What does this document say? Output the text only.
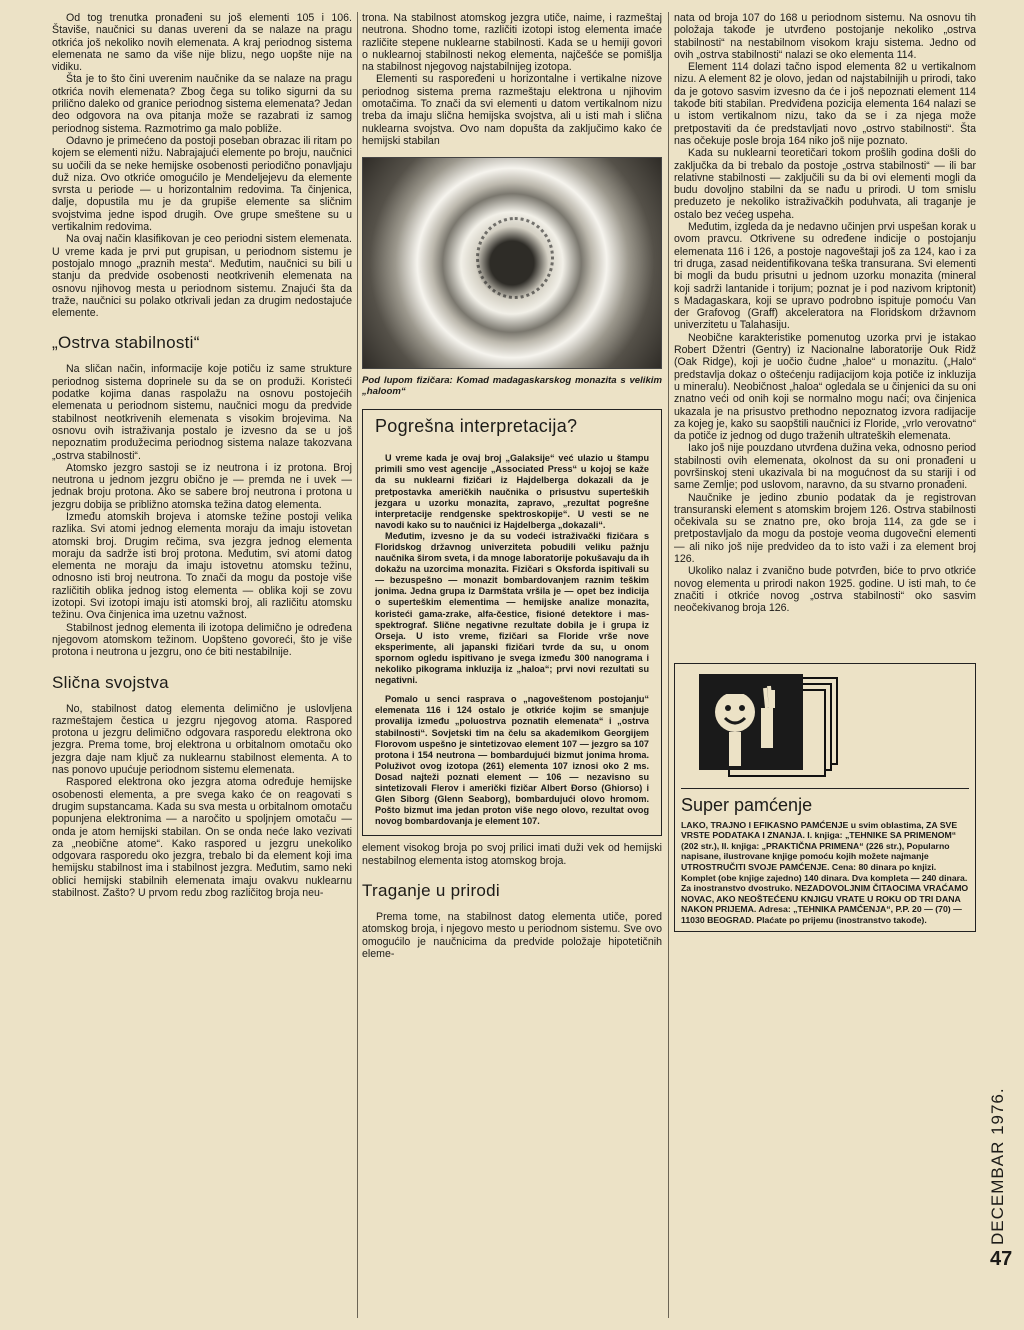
Od tog trenutka pronađeni su još elementi 105 i 106. Štaviše, naučnici su danas uvereni da se nalaze na pragu otkrića još nekoliko novih elemenata. A kraj periodnog sistema elemenata ne samo da više nije blizu, nego uopšte nije na vidiku.

Šta je to što čini uverenim naučnike da se nalaze na pragu otkrića novih elemenata? Zbog čega su toliko sigurni da su prilično daleko od granice periodnog sistema elemenata? Jedan deo odgovora na ova pitanja može se razabrati iz samog periodnog sistema. Razmotrimo ga malo pobliže.

Odavno je primećeno da postoji poseban obrazac ili ritam po kojem se elementi nižu. Nabrajajući elemente po broju, naučnici su uočili da se neke hemijske osobenosti periodično ponavljaju duž niza. Ovo otkriće omogućilo je Mendeljejevu da elemente svrsta u periode — u horizontalnim redovima. Ta činjenica, dalje, dopustila mu je da grupiše elemente sa sličnim svojstvima jedne ispod drugih. Ove grupe smeštene su u vertikalnim redovima.

Na ovaj način klasifikovan je ceo periodni sistem elemenata. U vreme kada je prvi put grupisan, u periodnom sistemu je postojalo mnogo „praznih mesta“. Međutim, naučnici su bili u stanju da predvide osobenosti neotkrivenih elemenata na osnovu njihovog mesta u periodnom sistemu. Znajući šta da traže, naučnici su polako otkrivali jedan za drugim nedostajuće elemente.

„Ostrva stabilnosti“

Na sličan način, informacije koje potiču iz same strukture periodnog sistema doprinele su da se on produži. Koristeći podatke kojima danas raspolažu na osnovu postojećih elemenata u periodnom sistemu, naučnici mogu da predvide stabilnost neotkrivenih elemenata s visokim brojevima. Na osnovu ovih istraživanja postalo je izvesno da se u još nepoznatim produžecima periodnog sistema nalaze takozvana „ostrva stabilnosti“.

Atomsko jezgro sastoji se iz neutrona i iz protona. Broj neutrona u jednom jezgru obično je — premda ne i uvek — jednak broju protona. Ako se sabere broj neutrona i protona u jezgru dobija se približno atomska težina datog elementa.

Između atomskih brojeva i atomske težine postoji velika razlika. Svi atomi jednog elementa moraju da imaju istovetan atomski broj. Drugim rečima, sva jezgra jednog elementa moraju da sadrže isti broj protona. Međutim, svi atomi datog elementa ne moraju da imaju istovetnu atomsku težinu, odnosno isti broj neutrona. To znači da mogu da postoje više različitih oblika jednog istog elementa — oblika koji se zovu izotopi. Svi izotopi imaju isti atomski broj, ali različitu atomsku težinu. Ova činjenica ima uzetnu važnost.

Stabilnost jednog elementa ili izotopa delimično je određena njegovom atomskom težinom. Uopšteno govoreći, što je više protona i neutrona u jezgru, ono će biti nestabilnije.

Slična svojstva

No, stabilnost datog elementa delimično je uslovljena razmeštajem čestica u jezgru njegovog atoma. Raspored protona u jezgru delimično odgovara rasporedu elektrona oko jezgra. Prema tome, broj elektrona u orbitalnom omotaču oko jezgra daje nam ključ za nuklearnu stabilnost elementa. A to nas ponovo upućuje periodnom sistemu elemenata.

Raspored elektrona oko jezgra atoma određuje hemijske osobenosti elementa, a pre svega kako će on reagovati s drugim supstancama. Kada su sva mesta u orbitalnom omotaču popunjena elektronima — a naročito u spoljnjem omotaču — onda je atom hemijski stabilan. On se onda neće lako vezivati za „neobične atome“. Kako raspored u jezgru unekoliko odgovara rasporedu oko jezgra, trebalo bi da element koji ima hemijsku stabilnost ima i stabilnost jezgra. Međutim, samo neki oblici hemijski stabilnih elemenata imaju ovakvu nuklearnu stabilnost. Zašto? U prvom redu zbog različitog broja neu-

trona. Na stabilnost atomskog jezgra utiče, naime, i razmeštaj neutrona. Shodno tome, različiti izotopi istog elementa imaće različite stepene nuklearne stabilnosti. Kada se u hemiji govori o nuklearnoj stabilnosti nekog elementa, najčešće se pomišlja na stabilnost njegovog najstabilnijeg izotopa.

Elementi su raspoređeni u horizontalne i vertikalne nizove periodnog sistema prema razmeštaju elektrona u njihovim omotačima. To znači da svi elementi u datom vertikalnom nizu treba da imaju slična hemijska svojstva, ali u isti mah i slična nuklearna svojstva. Ovo nam dopušta da zaključimo kako će hemijski stabilan

Pod lupom fizičara: Komad madagaskarskog monazita s velikim „haloom“

Pogrešna interpretacija?

U vreme kada je ovaj broj „Galaksije“ već ulazio u štampu primili smo vest agencije „Associated Press“ u kojoj se kaže da su nuklearni fizičari iz Hajdelberga dokazali da je pretpostavka američkih naučnika o prisustvu superteških jezgara u uzorku monazita, zapravo, „rezultat pogrešne interpretacije rendgenske spektroskopije“. U vesti se ne navodi kako su to naučnici iz Hajdelberga „dokazali“.

Međutim, izvesno je da su vodeći istraživački fizičara s Floridskog državnog univerziteta pobudili veliku pažnju naučnika širom sveta, i da mnoge laboratorije pokušavaju da ih dokažu na uzorcima monazita. Fizičari s Oksforda ispitivali su — bezuspešno — monazit bombardovanjem raznim teškim jonima. Jedna grupa iz Darmštata vršila je — opet bez indicija o superteškim elementima — hemijske analize monazita, koristeći gama-zrake, alfa-čestice, fisioné detektore i mas-spektrograf. Slične negativne rezultate dobila je i grupa iz Orseja. U isto vreme, fizičari sa Floride vrše nove eksperimente, ali japanski fizičari tvrde da su, u onom spornom ogledu ispitivano je svega između 300 nanograma i nekoliko pikograma inkluzija iz „haloa“; prvi novi rezultati su negativni.

Pomalo u senci rasprava o „nagoveštenom postojanju“ elemenata 116 i 124 ostalo je otkriće kojim se smanjuje provalija između „poluostrva poznatih elemenata“ i „ostrva stabilnosti“. Sovjetski tim na čelu sa akademikom Georgijem Florovom uspešno je sintetizovao element 107 — jezgro sa 107 protona i 154 neutrona — bombardujući bizmut jonima hroma. Poluživot ovog izotopa (261) elementa 107 iznosi oko 2 ms. Dosad najteži poznati element — 106 — nezavisno su sintetizovali Flerov i američki fizičar Albert Đorso (Ghiorso) i Glen Siborg (Glenn Seaborg), bombardujući olovo hromom. Pošto bizmut ima jedan proton više nego olovo, rezultat ovog novog bombardovanja je element 107.

element visokog broja po svoj prilici imati duži vek od hemijski nestabilnog elementa istog atomskog broja.

Traganje u prirodi

Prema tome, na stabilnost datog elementa utiče, pored atomskog broja, i njegovo mesto u periodnom sistemu. Sve ovo omogućilo je naučnicima da predvide položaje hipotetičnih eleme-

nata od broja 107 do 168 u periodnom sistemu. Na osnovu tih položaja takođe je utvrđeno postojanje nekoliko „ostrva stabilnosti“ na nestabilnom visokom kraju sistema. Jedno od ovih „ostrva stabilnosti“ nalazi se oko elementa 114.

Element 114 dolazi tačno ispod elementa 82 u vertikalnom nizu. A element 82 je olovo, jedan od najstabilnijih u prirodi, tako da je gotovo sasvim izvesno da će i još nepoznati element 114 takođe biti stabilan. Predviđena pozicija elementa 164 nalazi se u istom vertikalnom nizu, tako da se i za njega može pretpostaviti da će predstavljati novo „ostrvo stabilnosti“. Šta nas očekuje posle broja 164 niko još nije poznato.

Kada su nuklearni teoretičari tokom prošlih godina došli do zaključka da bi trebalo da postoje „ostrva stabilnosti“ — ili bar relativne stabilnosti — zaključili su da bi ovi elementi mogli da budu dovoljno stabilni da se nađu u prirodi. U tom smislu preduzeto je nekoliko istraživačkih poduhvata, ali traganje je ostalo bez većeg uspeha.

Međutim, izgleda da je nedavno učinjen prvi uspešan korak u ovom pravcu. Otkrivene su određene indicije o postojanju elemenata 116 i 126, a postoje nagoveštaji još za 124, kao i za tri druga, zasad neidentifikovana teška transurana. Svi elementi bi mogli da budu prisutni u jednom uzorku monazita (mineral koji sadrži lantanide i torijum; poznat je i pod nazivom kriptonit) s Madagaskara, koji se upravo podrobno ispituje pomoću Van der Grafovog (Graff) akceleratora na Floridskom državnom univerzitetu u Talahasiju.

Neobične karakteristike pomenutog uzorka prvi je istakao Robert Džentri (Gentry) iz Nacionalne laboratorije Ouk Ridž (Oak Ridge), koji je uočio čudne „haloe“ u monazitu. („Halo“ predstavlja dokaz o oštećenju radijacijom koja potiče iz inkluzija u mineralu). Neobičnost „haloa“ ogledala se u činjenici da su oni znatno veći od onih koji se normalno mogu naći; ova činjenica ukazala je na prisustvo prethodno nepoznatog izvora radijacije za kojeg je, kako su saopštili naučnici iz Floride, „vrlo verovatno“ da potiče iz jednog od dugo traženih ultrateških elemenata.

Iako još nije pouzdano utvrđena dužina veka, odnosno period stabilnosti ovih elemenata, okolnost da su oni pronađeni u površinskoj steni ukazivala bi na mogućnost da su stariji i od same Zemlje; pod uslovom, naravno, da su stvarno pronađeni.

Naučnike je jedino zbunio podatak da je registrovan transuranski element s atomskim brojem 126. Ostrva stabilnosti očekivala su se znatno pre, oko broja 114, za gde se i pretpostavljalo da mogu da postoje veoma dugovečni elementi — ali niko još nije predvideo da to isto važi i za element broj 126.

Ukoliko nalaz i zvanično bude potvrđen, biće to prvo otkriće novog elementa u prirodi nakon 1925. godine. U isti mah, to će značiti i otkriće novog „ostrva stabilnosti“ oko sasvim neočekivanog broja 126.

Super pamćenje

LAKO, TRAJNO I EFIKASNO PAMĆENJE u svim oblastima, ZA SVE VRSTE PODATAKA I ZNANJA. I. knjiga: „TEHNIKE SA PRIMENOM“ (202 str.), II. knjiga: „PRAKTIČNA PRIMENA“ (226 str.), Popularno napisane, ilustrovane knjige pomoću kojih možete najmanje UTROSTRUČITI SVOJE PAMĆENJE. Cena: 80 dinara po knjizi. Komplet (obe knjige zajedno) 140 dinara. Dva kompleta — 240 dinara. Za inostranstvo dvostruko. NEZADOVOLJNIM ČITAOCIMA VRAĆAMO NOVAC, AKO NEOŠTEĆENU KNJIGU VRATE U ROKU OD TRI DANA NAKON PRIJEMA. Adresa: „TEHNIKA PAMĆENJA“, P.P. 20 — (70) — 11030 BEOGRAD. Plaćate po prijemu (inostranstvo takođe).

DECEMBAR 1976.
47
